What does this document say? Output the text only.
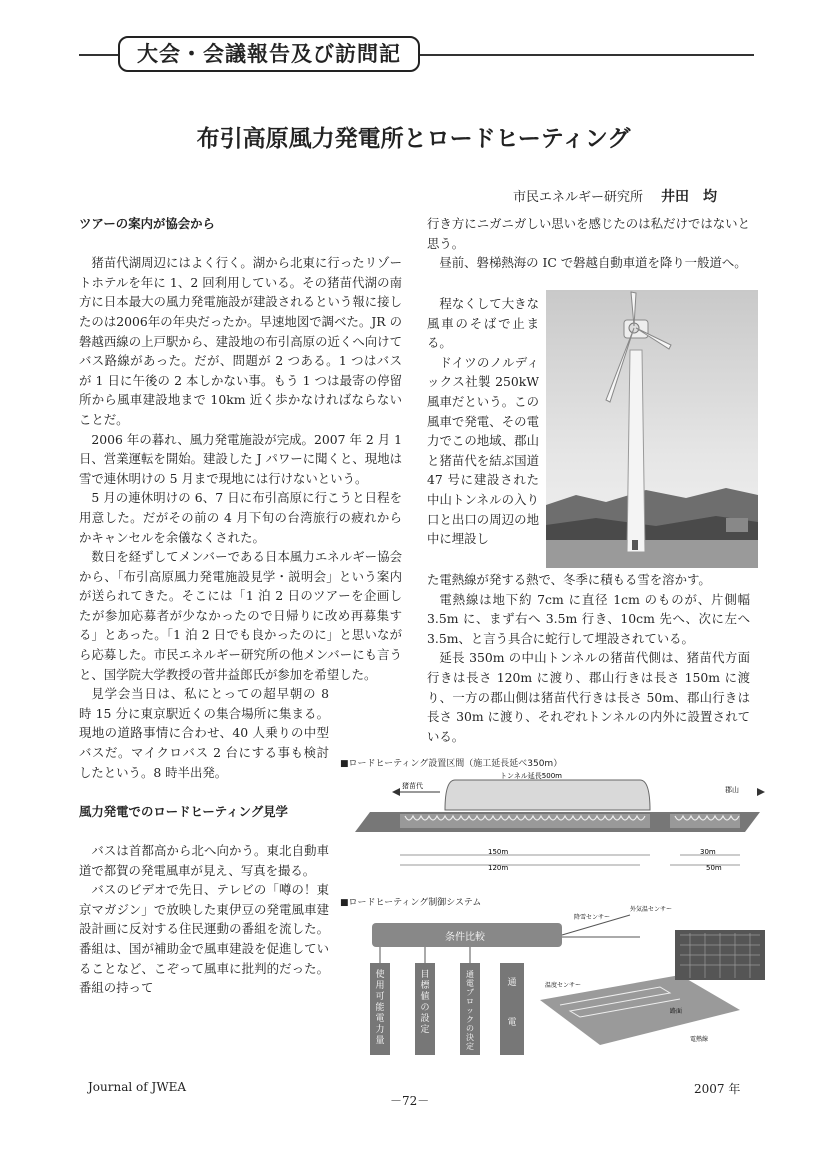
大会・会議報告及び訪問記
布引高原風力発電所とロードヒーティング
市民エネルギー研究所 井田　均
ツアーの案内が協会から

猪苗代湖周辺にはよく行く。湖から北東に行ったリゾートホテルを年に 1、2 回利用している。その猪苗代湖の南方に日本最大の風力発電施設が建設されるという報に接したのは2006年の年央だったか。早速地図で調べた。JR の磐越西線の上戸駅から、建設地の布引高原の近くへ向けてバス路線があった。だが、問題が 2 つある。1 つはバスが 1 日に午後の 2 本しかない事。もう 1 つは最寄の停留所から風車建設地まで 10km 近く歩かなければならないことだ。

2006 年の暮れ、風力発電施設が完成。2007 年 2 月 1 日、営業運転を開始。建設した J パワーに聞くと、現地は雪で連休明けの 5 月まで現地には行けないという。

5 月の連休明けの 6、7 日に布引高原に行こうと日程を用意した。だがその前の 4 月下旬の台湾旅行の疲れからかキャンセルを余儀なくされた。

数日を経ずしてメンバーである日本風力エネルギー協会から、「布引高原風力発電施設見学・説明会」という案内が送られてきた。そこには「1 泊 2 日のツアーを企画したが参加応募者が少なかったので日帰りに改め再募集する」とあった。「1 泊 2 日でも良かったのに」と思いながら応募した。市民エネルギー研究所の他メンバーにも言うと、国学院大学教授の菅井益郎氏が参加を希望した。

見学会当日は、私にとっての超早朝の 8 時 15 分に東京駅近くの集合場所に集まる。現地の道路事情に合わせ、40 人乗りの中型バスだ。マイクロバス 2 台にする事も検討したという。8 時半出発。

風力発電でのロードヒーティング見学

バスは首都高から北へ向かう。東北自動車道で都賀の発電風車が見え、写真を撮る。

バスのビデオで先日、テレビの「噂の！東京マガジン」で放映した東伊豆の発電風車建設計画に反対する住民運動の番組を流した。番組は、国が補助金で風車建設を促進していることなど、こぞって風車に批判的だった。番組の持って

行き方にニガニガしい思いを感じたのは私だけではないと思う。

昼前、磐梯熱海の IC で磐越自動車道を降り一般道へ。

程なくして大きな風車のそばで止まる。

ドイツのノルディックス社製 250kW 風車だという。この風車で発電、その電力でこの地域、郡山と猪苗代を結ぶ国道 47 号に建設された中山トンネルの入り口と出口の周辺の地中に埋設し

た電熱線が発する熱で、冬季に積もる雪を溶かす。

電熱線は地下約 7cm に直径 1cm のものが、片側幅 3.5m に、まず右へ 3.5m 行き、10cm 先へ、次に左へ 3.5m、と言う具合に蛇行して埋設されている。

延長 350m の中山トンネルの猪苗代側は、猪苗代方面行きは長さ 120m に渡り、郡山行きは長さ 150m に渡り、一方の郡山側は猪苗代行きは長さ 50m、郡山行きは長さ 30m に渡り、それぞれトンネルの内外に設置されている。

■ロードヒーティング設置区間（施工延長延べ350m）
猪苗代	郡山
トンネル延長500m
150m
120m
30m
50m
■ロードヒーティング制御システム
条件比較
使用可能電力量
目標値の設定
通電ブロックの決定
通電
降雪センサー
外気温センサー
温度センサー
路面
電熱線
Journal of JWEA
－72－
2007 年
